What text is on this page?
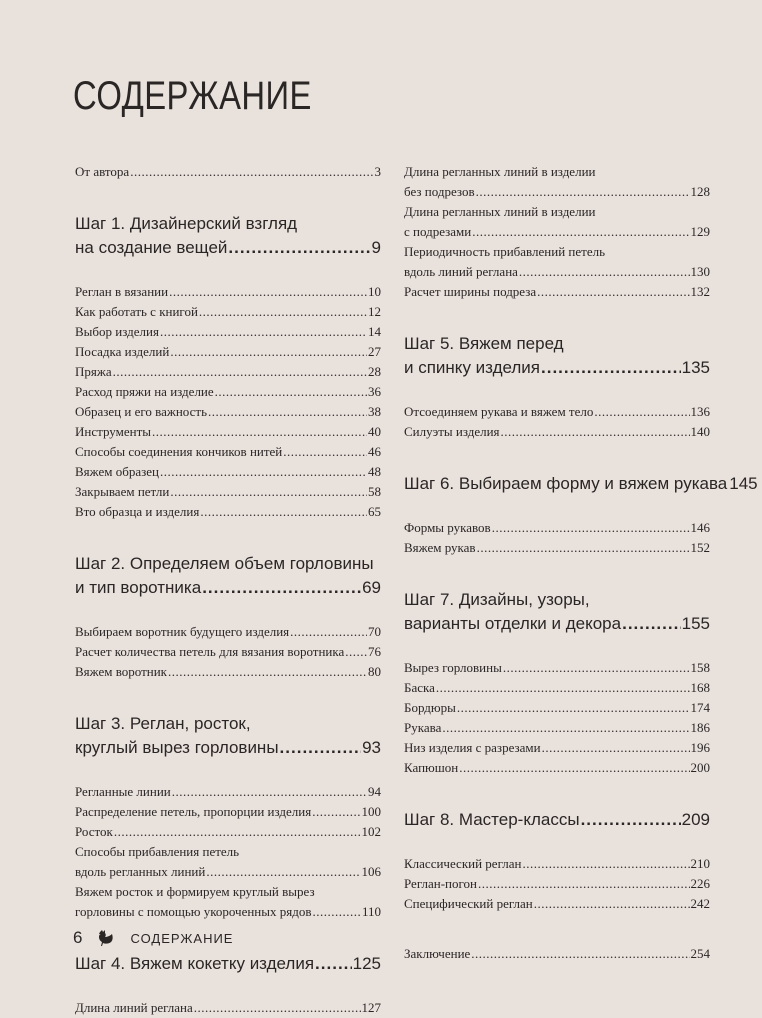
СОДЕРЖАНИЕ
От автора .....	3
Шаг 1. Дизайнерский взгляд
на создание вещей .....	9
Реглан в вязании .....	10
Как работать с книгой .....	12
Выбор изделия .....	14
Посадка изделий .....	27
Пряжа .....	28
Расход пряжи на изделие .....	36
Образец и его важность .....	38
Инструменты .....	40
Способы соединения кончиков нитей .....	46
Вяжем образец .....	48
Закрываем петли .....	58
Вто образца и изделия .....	65
Шаг 2. Определяем объем горловины
и тип воротника .....	69
Выбираем воротник будущего изделия .....	70
Расчет количества петель для вязания воротника ..... 76
Вяжем воротник .....	80
Шаг 3. Реглан, росток,
круглый вырез горловины .....	93
Регланные линии .....	94
Распределение петель, пропорции изделия .....	100
Росток .....	102
Способы прибавления петель
вдоль регланных линий .....	106
Вяжем росток и формируем круглый вырез
горловины с помощью укороченных рядов .....	110
Шаг 4. Вяжем кокетку изделия ..... 125
Длина линий реглана .....	127
Длина регланных линий в изделии
без подрезов .....	128
Длина регланных линий в изделии
с подрезами .....	129
Периодичность прибавлений петель
вдоль линий реглана .....	130
Расчет ширины подреза .....	132
Шаг 5. Вяжем перед
и спинку изделия .....	135
Отсоединяем рукава и вяжем тело .....	136
Силуэты изделия .....	140
Шаг 6. Выбираем форму и вяжем рукава 145
Формы рукавов .....	146
Вяжем рукав .....	152
Шаг 7. Дизайны, узоры,
варианты отделки и декора .....	155
Вырез горловины .....	158
Баска .....	168
Бордюры .....	174
Рукава .....	186
Низ изделия с разрезами .....	196
Капюшон .....	200
Шаг 8. Мастер-классы .....	209
Классический реглан .....	210
Реглан-погон .....	226
Специфический реглан .....	242
Заключение .....	254
6	СОДЕРЖАНИЕ
